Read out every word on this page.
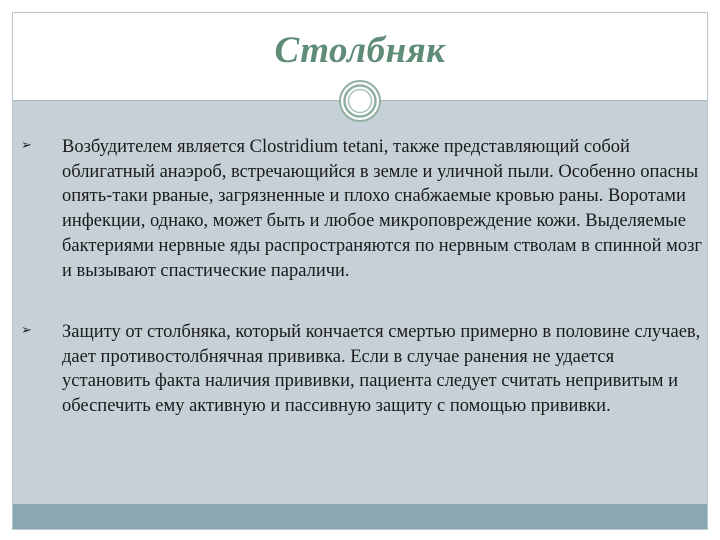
Столбняк
➢ Возбудителем является Clostridium tetani, также представляющий собой облигатный анаэроб, встречающийся в земле и уличной пыли. Особенно опасны опять-таки рваные, загрязненные и плохо снабжаемые кровью раны. Воротами инфекции, однако, может быть и любое микроповреждение кожи. Выделяемые бактериями нервные яды распространяются по нервным стволам в спинной мозг и вызывают спастические параличи.
➢ Защиту от столбняка, который кончается смертью примерно в половине случаев, дает противостолбнячная прививка. Если в случае ранения не удается установить факта наличия прививки, пациента следует считать непривитым и обеспечить ему активную и пассивную защиту с помощью прививки.
